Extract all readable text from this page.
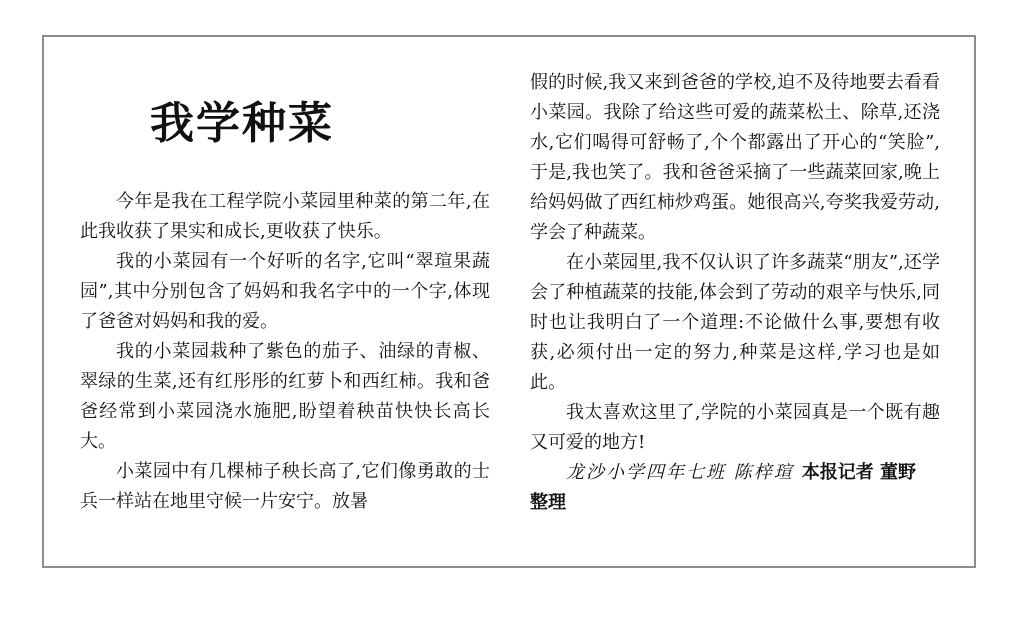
我学种菜

今年是我在工程学院小菜园里种菜的第二年,在此我收获了果实和成长,更收获了快乐。

我的小菜园有一个好听的名字,它叫“翠瑄果蔬园”,其中分别包含了妈妈和我名字中的一个字,体现了爸爸对妈妈和我的爱。

我的小菜园栽种了紫色的茄子、油绿的青椒、翠绿的生菜,还有红彤彤的红萝卜和西红柿。我和爸爸经常到小菜园浇水施肥,盼望着秧苗快快长高长大。

小菜园中有几棵柿子秧长高了,它们像勇敢的士兵一样站在地里守候一片安宁。放暑

假的时候,我又来到爸爸的学校,迫不及待地要去看看小菜园。我除了给这些可爱的蔬菜松土、除草,还浇水,它们喝得可舒畅了,个个都露出了开心的“笑脸”,于是,我也笑了。我和爸爸采摘了一些蔬菜回家,晚上给妈妈做了西红柿炒鸡蛋。她很高兴,夸奖我爱劳动,学会了种蔬菜。

在小菜园里,我不仅认识了许多蔬菜“朋友”,还学会了种植蔬菜的技能,体会到了劳动的艰辛与快乐,同时也让我明白了一个道理:不论做什么事,要想有收获,必须付出一定的努力,种菜是这样,学习也是如此。

我太喜欢这里了,学院的小菜园真是一个既有趣又可爱的地方!

龙沙小学四年七班 陈梓瑄 本报记者 董野 整理
